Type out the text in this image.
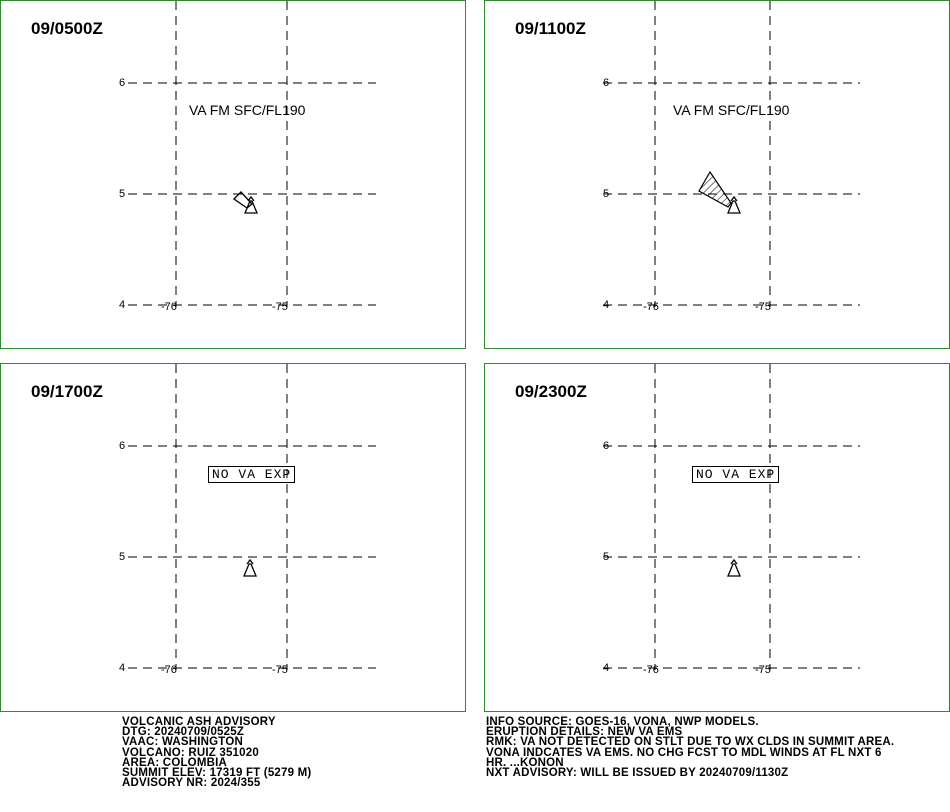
09/0500Z
VA FM SFC/FL190
6
5
4	-76	-75
09/1100Z
VA FM SFC/FL190
6
5
4	-76	-75
09/1700Z
NO VA EXP
6
5
4	-76	-75
09/2300Z
NO VA EXP
6
5
4	-76	-75
VOLCANIC ASH ADVISORY
DTG: 20240709/0525Z
VAAC: WASHINGTON
VOLCANO: RUIZ 351020
AREA: COLOMBIA
SUMMIT ELEV: 17319 FT (5279 M)
ADVISORY NR: 2024/355
INFO SOURCE: GOES-16, VONA, NWP MODELS.
ERUPTION DETAILS: NEW VA EMS
RMK: VA NOT DETECTED ON STLT DUE TO WX CLDS IN SUMMIT AREA.
VONA INDCATES VA EMS. NO CHG FCST TO MDL WINDS AT FL NXT 6
HR. ...KONON
NXT ADVISORY: WILL BE ISSUED BY 20240709/1130Z
